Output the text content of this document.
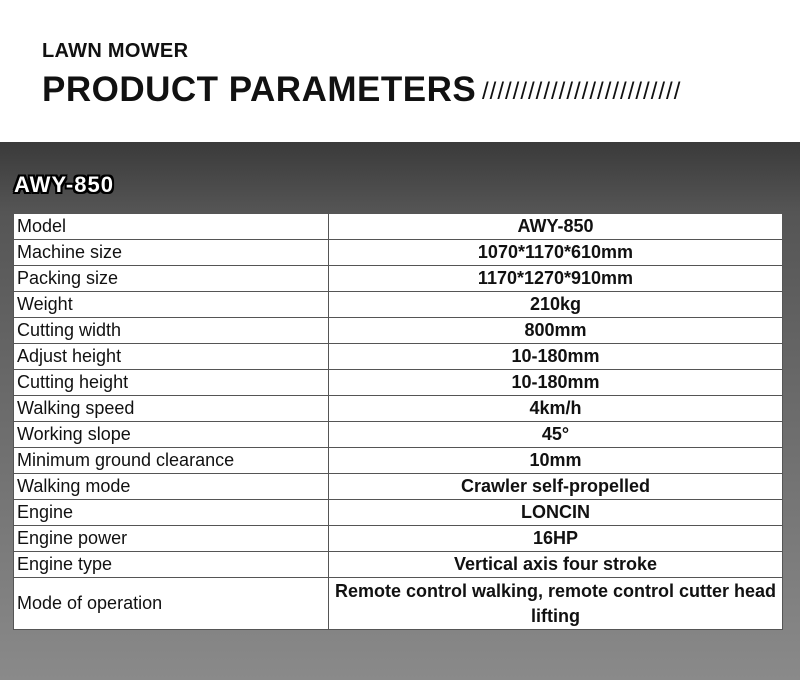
LAWN MOWER
PRODUCT PARAMETERS //////////////////////////
AWY-850
Model	AWY-850
Machine size	1070*1170*610mm
Packing size	1170*1270*910mm
Weight	210kg
Cutting width	800mm
Adjust height	10-180mm
Cutting height	10-180mm
Walking speed	4km/h
Working slope	45°
Minimum ground clearance	10mm
Walking mode	Crawler self-propelled
Engine	LONCIN
Engine power	16HP
Engine type	Vertical axis four stroke
Mode of operation	Remote control walking, remote control cutter head lifting
